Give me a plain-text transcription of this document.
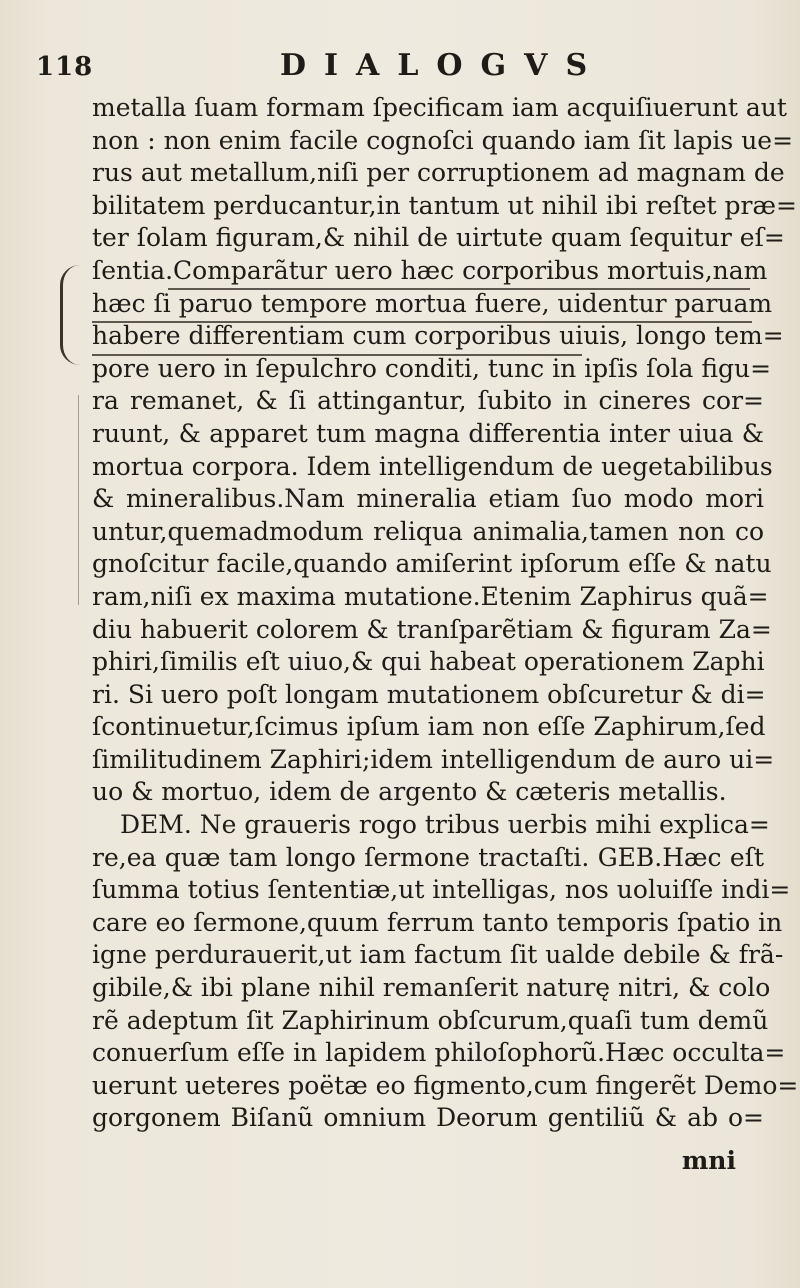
118	DIALOGVS
metalla ſuam formam ſpecificam iam acquiſiuerunt aut
non : non enim facile cognoſci quando iam ſit lapis ue=
rus aut metallum,niſi per corruptionem ad magnam de
bilitatem perducantur,in tantum ut nihil ibi reſtet præ=
ter ſolam figuram,& nihil de uirtute quam ſequitur eſ=
ſentia.Comparãtur uero hæc corporibus mortuis,nam
hæc ſi paruo tempore mortua fuere, uidentur paruam
habere differentiam cum corporibus uiuis, longo tem=
pore uero in ſepulchro conditi, tunc in ipſis ſola figu=
ra remanet, & ſi attingantur, ſubito in cineres cor=
ruunt, & apparet tum magna differentia inter uiua &
mortua corpora. Idem intelligendum de uegetabilibus
& mineralibus.Nam mineralia etiam ſuo modo mori
untur,quemadmodum reliqua animalia,tamen non co
gnoſcitur facile,quando amiſerint ipſorum eſſe & natu
ram,niſi ex maxima mutatione.Etenim Zaphirus quã=
diu habuerit colorem & tranſparẽtiam & figuram Za=
phiri,ſimilis eſt uiuo,& qui habeat operationem Zaphi
ri. Si uero poſt longam mutationem obſcuretur & di=
ſcontinuetur,ſcimus ipſum iam non eſſe Zaphirum,ſed
ſimilitudinem Zaphiri;idem intelligendum de auro ui=
uo & mortuo, idem de argento & cæteris metallis.
DEM. Ne graueris rogo tribus uerbis mihi explica=
re,ea quæ tam longo ſermone tractaſti. GEB.Hæc eſt
ſumma totius ſententiæ,ut intelligas, nos uoluiſſe indi=
care eo ſermone,quum ferrum tanto temporis ſpatio in
igne perdurauerit,ut iam factum ſit ualde debile & frã-
gibile,& ibi plane nihil remanſerit naturę nitri, & colo
rẽ adeptum ſit Zaphirinum obſcurum,quaſi tum demũ
conuerſum eſſe in lapidem philoſophorũ.Hæc occulta=
uerunt ueteres poëtæ eo figmento,cum fingerẽt Demo=
gorgonem Biſanũ omnium Deorum gentiliũ & ab o=
mni
